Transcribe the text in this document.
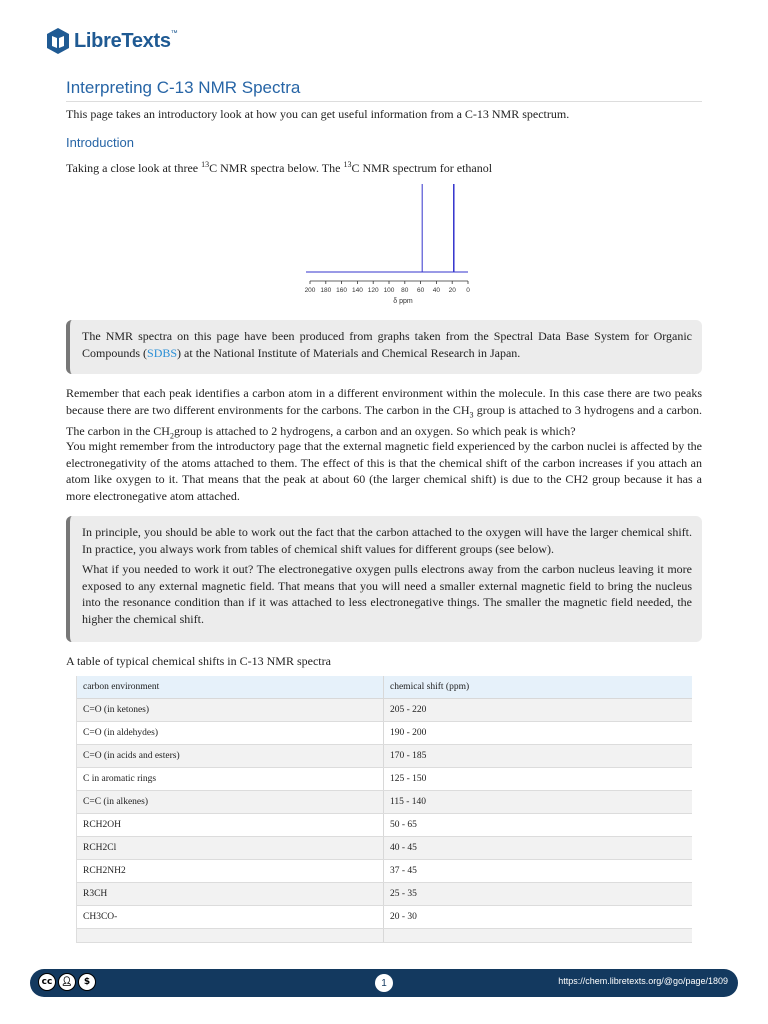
LibreTexts™
Interpreting C-13 NMR Spectra

This page takes an introductory look at how you can get useful information from a C-13 NMR spectrum.

Introduction

Taking a close look at three $^{13}$C NMR spectra below. The $^{13}$C NMR spectrum for ethanol

200 180 160 140 120 100 80 60 40 20 0
δ ppm

The NMR spectra on this page have been produced from graphs taken from the Spectral Data Base System for Organic Compounds (SDBS) at the National Institute of Materials and Chemical Research in Japan.

Remember that each peak identifies a carbon atom in a different environment within the molecule. In this case there are two peaks because there are two different environments for the carbons. The carbon in the $CH_3$ group is attached to 3 hydrogens and a carbon. The carbon in the $CH_2group$ is attached to 2 hydrogens, a carbon and an oxygen. So which peak is which?

You might remember from the introductory page that the external magnetic field experienced by the carbon nuclei is affected by the electronegativity of the atoms attached to them. The effect of this is that the chemical shift of the carbon increases if you attach an atom like oxygen to it. That means that the peak at about 60 (the larger chemical shift) is due to the CH2 group because it has a more electronegative atom attached.

In principle, you should be able to work out the fact that the carbon attached to the oxygen will have the larger chemical shift. In practice, you always work from tables of chemical shift values for different groups (see below).

What if you needed to work it out? The electronegative oxygen pulls electrons away from the carbon nucleus leaving it more exposed to any external magnetic field. That means that you will need a smaller external magnetic field to bring the nucleus into the resonance condition than if it was attached to less electronegative things. The smaller the magnetic field needed, the higher the chemical shift.

A table of typical chemical shifts in C-13 NMR spectra

carbon environment	chemical shift (ppm)
C=O (in ketones)	205 - 220
C=O (in aldehydes)	190 - 200
C=O (in acids and esters)	170 - 185
C in aromatic rings	125 - 150
C=C (in alkenes)	115 - 140
RCH2OH	50 - 65
RCH2Cl	40 - 45
RCH2NH2	37 - 45
R3CH	25 - 35
CH3CO-	20 - 30

cc 👤︎	$	1	https://chem.libretexts.org/@go/page/1809
